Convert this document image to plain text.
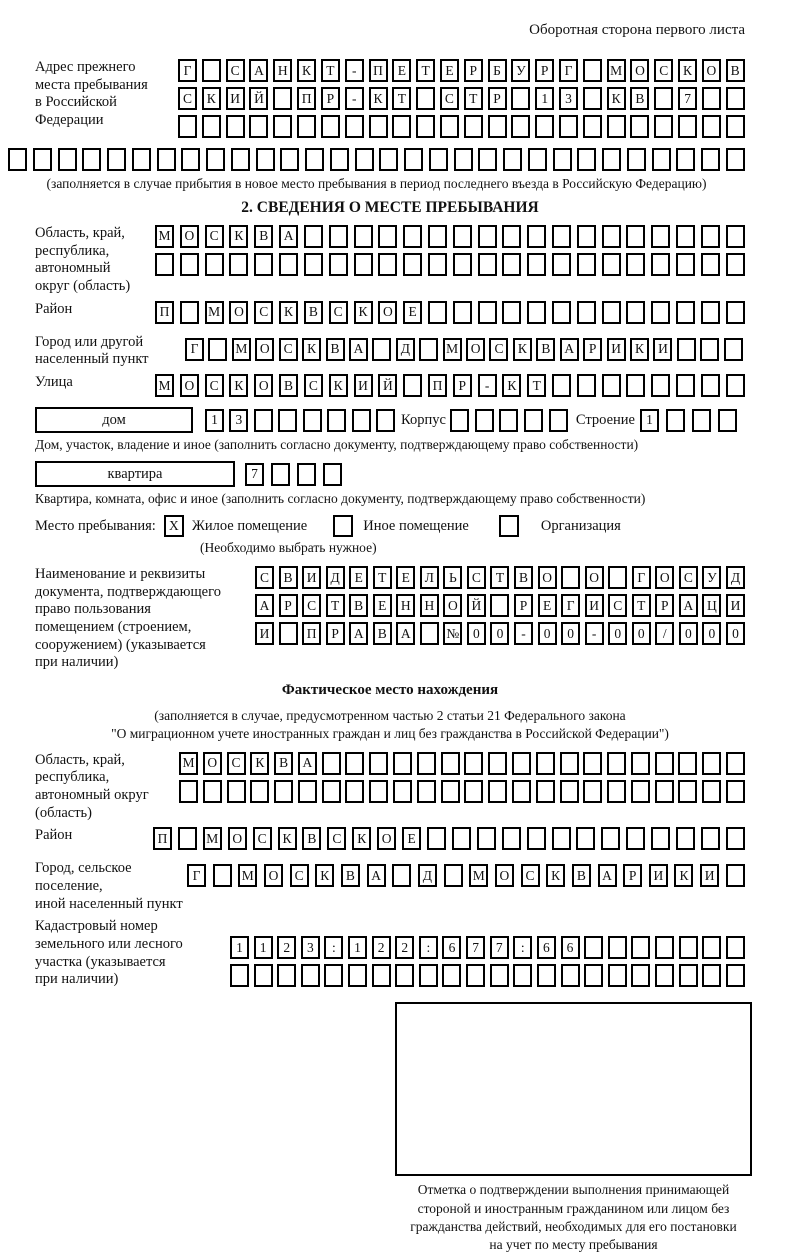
Оборотная сторона первого листа
Адрес прежнего
места пребывания
в Российской
Федерации
Г	С	А	Н	К	Т	-	П	Е	Т	Е	Р	Б	У	Р	Г	М О	С	К	О	В
С	К	И	Й	П	Р	-	К	Т	С	Т	Р	1	3	К	В	7
(заполняется в случае прибытия в новое место пребывания в период последнего въезда в Российскую Федерацию)
2. СВЕДЕНИЯ О МЕСТЕ ПРЕБЫВАНИЯ
Область, край,
республика,
автономный
округ (область)
М	О	С	К	В	А
Район	П	М	О	С	К	В	С	К	О	Е
Город или другой
населенный пункт
Г	М О	С	К	В	А	Д	М О	С	К	В	А	Р	И	К	И
Улица	М	О	С	К	О	В	С	К	И	Й	П	Р	-	К	Т
дом	1	3	Корпус	Строение 1
Дом, участок, владение и иное (заполнить согласно документу, подтверждающему право собственности)
квартира	7
Квартира, комната, офис и иное (заполнить согласно документу, подтверждающему право собственности)
Место пребывания: X Жилое помещение	Иное помещение	Организация
(Необходимо выбрать нужное)
Наименование и реквизиты
документа, подтверждающего
право пользования
помещением (строением,
сооружением) (указывается
при наличии)
С	В	И	Д	Е	Т	Е	Л	Ь	С	Т	В	О	О	Г	О	С	У	Д
А	Р	С	Т	В	Е	Н	Н	О	Й	Р	Е	Г	И	С	Т	Р	А	Ц	И
И	П	Р	А	В	А	№	0	0	-	0	0	-	0	0	/	0	0	0
Фактическое место нахождения
(заполняется в случае, предусмотренном частью 2 статьи 21 Федерального закона
"О миграционном учете иностранных граждан и лиц без гражданства в Российской Федерации")
Область, край,
республика,
автономный округ
(область)
М О	С	К	В	А
Район	П	М	О	С	К	В	С	К	О	Е
Город, сельское поселение,
иной населенный пункт
Г	М	О	С	К	В	А	Д	М	О	С	К	В	А	Р	И	К	И
Кадастровый номер
земельного или лесного
участка (указывается
при наличии)
1	1	2	3	:	1	2	2	:	6	7	7	:	6	6
Отметка о подтверждении выполнения принимающей
стороной и иностранным гражданином или лицом без
гражданства действий, необходимых для его постановки
на учет по месту пребывания
